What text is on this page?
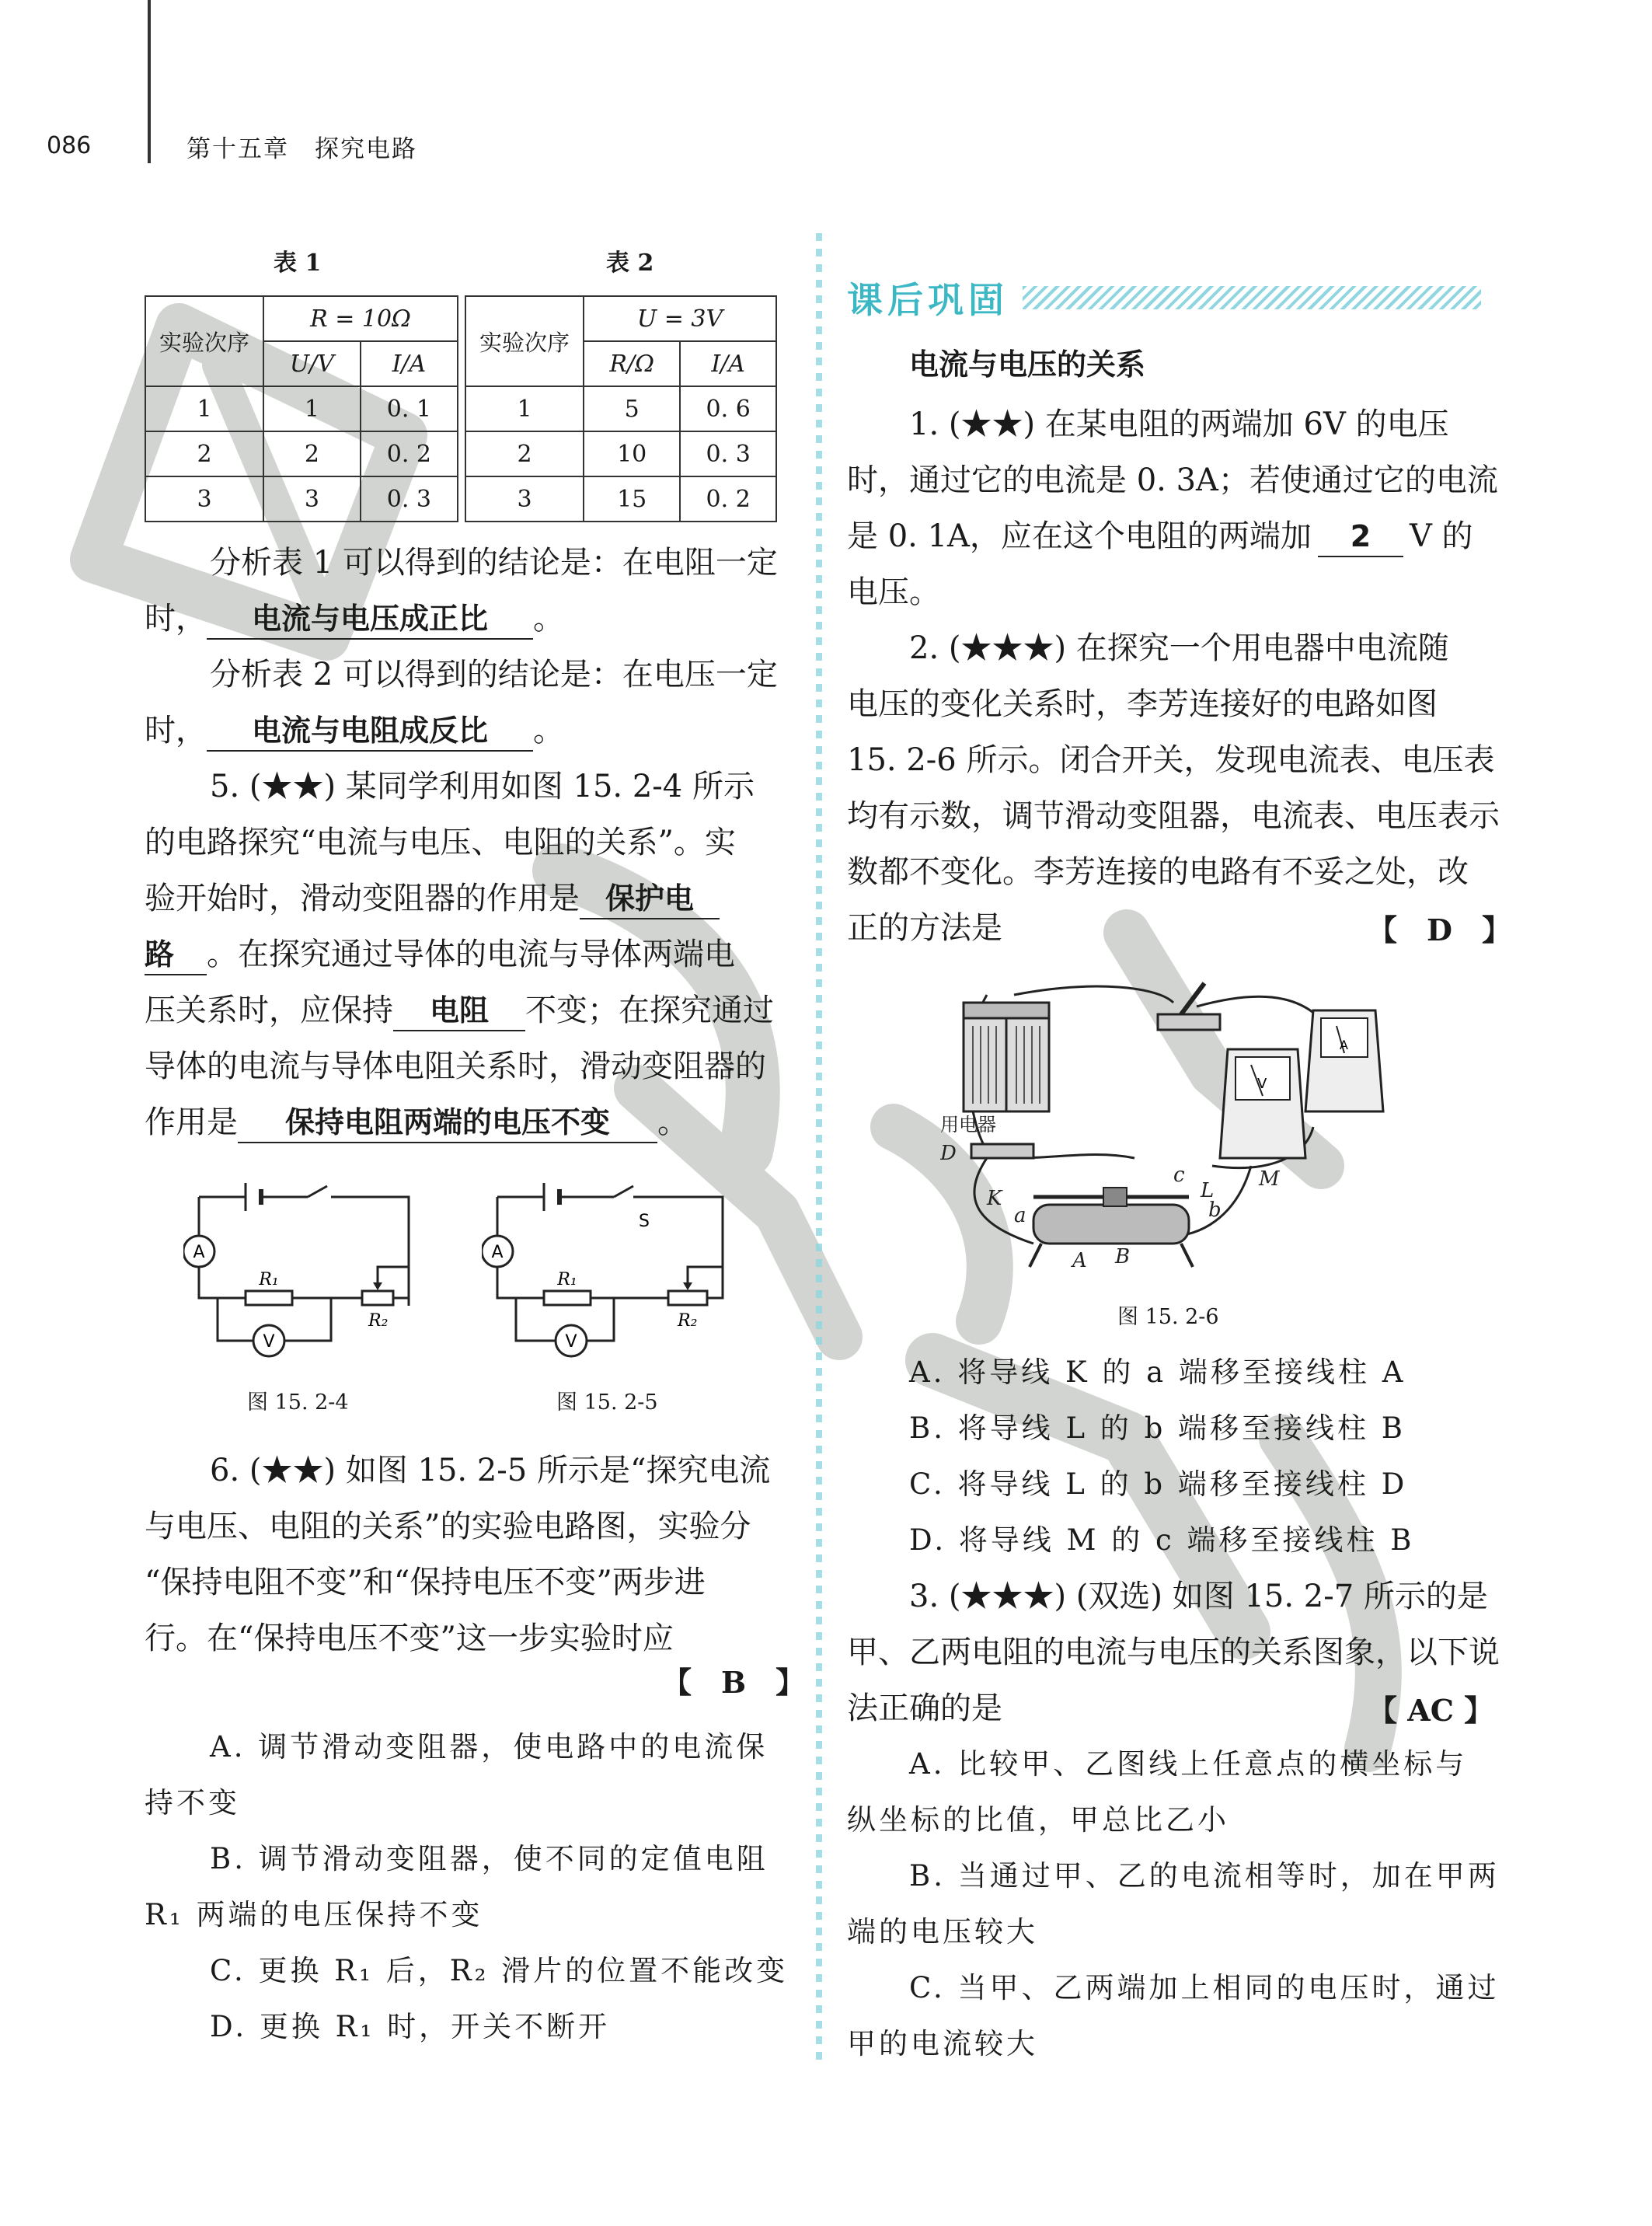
086	第十五章　探究电路
表 1	表 2
实验次序	R = 10Ω	
	U/V	I/A
1	1	0. 1
2	2	0. 2
3	3	0. 3
实验次序	U = 3V	
	R/Ω	I/A
1	5	0. 6
2	10	0. 3
3	15	0. 2
分析表 1 可以得到的结论是：在电阻一定
时， 电流与电压成正比 。
分析表 2 可以得到的结论是：在电压一定
时， 电流与电阻成反比 。
5. (★★) 某同学利用如图 15. 2-4 所示
的电路探究“电流与电压、电阻的关系”。实
验开始时，滑动变阻器的作用是 保护电
路 。在探究通过导体的电流与导体两端电
压关系时，应保持 电阻 不变；在探究通过
导体的电流与导体电阻关系时，滑动变阻器的
作用是 保持电阻两端的电压不变 。
A
V
R₁
R₂
S
A
V
R₁
R₂
图 15. 2-4	图 15. 2-5
6. (★★) 如图 15. 2-5 所示是“探究电流
与电压、电阻的关系”的实验电路图，实验分
“保持电阻不变”和“保持电压不变”两步进
行。在“保持电压不变”这一步实验时应
【　B　】
A. 调节滑动变阻器，使电路中的电流保
持不变
B. 调节滑动变阻器，使不同的定值电阻
R₁ 两端的电压保持不变
C. 更换 R₁ 后，R₂ 滑片的位置不能改变
D. 更换 R₁ 时，开关不断开
课后巩固
电流与电压的关系
1. (★★) 在某电阻的两端加 6V 的电压
时，通过它的电流是 0. 3A；若使通过它的电流
是 0. 1A，应在这个电阻的两端加 2 V 的
电压。
2. (★★★) 在探究一个用电器中电流随
电压的变化关系时，李芳连接好的电路如图
15. 2-6 所示。闭合开关，发现电流表、电压表
均有示数，调节滑动变阻器，电流表、电压表示
数都不变化。李芳连接的电路有不妥之处，改
正的方法是	【　D　】
A
V
用电器
D
K
a
A B
b
c
L M
图 15. 2-6
A. 将导线 K 的 a 端移至接线柱 A
B. 将导线 L 的 b 端移至接线柱 B
C. 将导线 L 的 b 端移至接线柱 D
D. 将导线 M 的 c 端移至接线柱 B
3. (★★★) (双选) 如图 15. 2-7 所示的是
甲、乙两电阻的电流与电压的关系图象，以下说
法正确的是	【 AC 】
A. 比较甲、乙图线上任意点的横坐标与
纵坐标的比值，甲总比乙小
B. 当通过甲、乙的电流相等时，加在甲两
端的电压较大
C. 当甲、乙两端加上相同的电压时，通过
甲的电流较大
